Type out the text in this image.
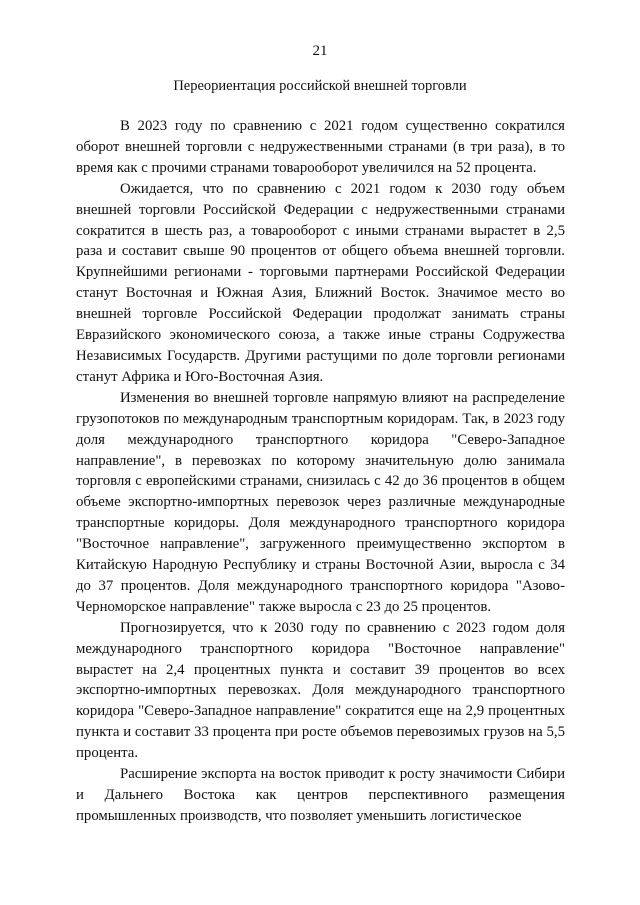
21
Переориентация российской внешней торговли

В 2023 году по сравнению с 2021 годом существенно сократился оборот внешней торговли с недружественными странами (в три раза), в то время как с прочими странами товарооборот увеличился на 52 процента.

Ожидается, что по сравнению с 2021 годом к 2030 году объем внешней торговли Российской Федерации с недружественными странами сократится в шесть раз, а товарооборот с иными странами вырастет в 2,5 раза и составит свыше 90 процентов от общего объема внешней торговли. Крупнейшими регионами - торговыми партнерами Российской Федерации станут Восточная и Южная Азия, Ближний Восток. Значимое место во внешней торговле Российской Федерации продолжат занимать страны Евразийского экономического союза, а также иные страны Содружества Независимых Государств. Другими растущими по доле торговли регионами станут Африка и Юго-Восточная Азия.

Изменения во внешней торговле напрямую влияют на распределение грузопотоков по международным транспортным коридорам. Так, в 2023 году доля международного транспортного коридора "Северо-Западное направление", в перевозках по которому значительную долю занимала торговля с европейскими странами, снизилась с 42 до 36 процентов в общем объеме экспортно-импортных перевозок через различные международные транспортные коридоры. Доля международного транспортного коридора "Восточное направление", загруженного преимущественно экспортом в Китайскую Народную Республику и страны Восточной Азии, выросла с 34 до 37 процентов. Доля международного транспортного коридора "Азово-Черноморское направление" также выросла с 23 до 25 процентов.

Прогнозируется, что к 2030 году по сравнению с 2023 годом доля международного транспортного коридора "Восточное направление" вырастет на 2,4 процентных пункта и составит 39 процентов во всех экспортно-импортных перевозках. Доля международного транспортного коридора "Северо-Западное направление" сократится еще на 2,9 процентных пункта и составит 33 процента при росте объемов перевозимых грузов на 5,5 процента.

Расширение экспорта на восток приводит к росту значимости Сибири и Дальнего Востока как центров перспективного размещения промышленных производств, что позволяет уменьшить логистическое
